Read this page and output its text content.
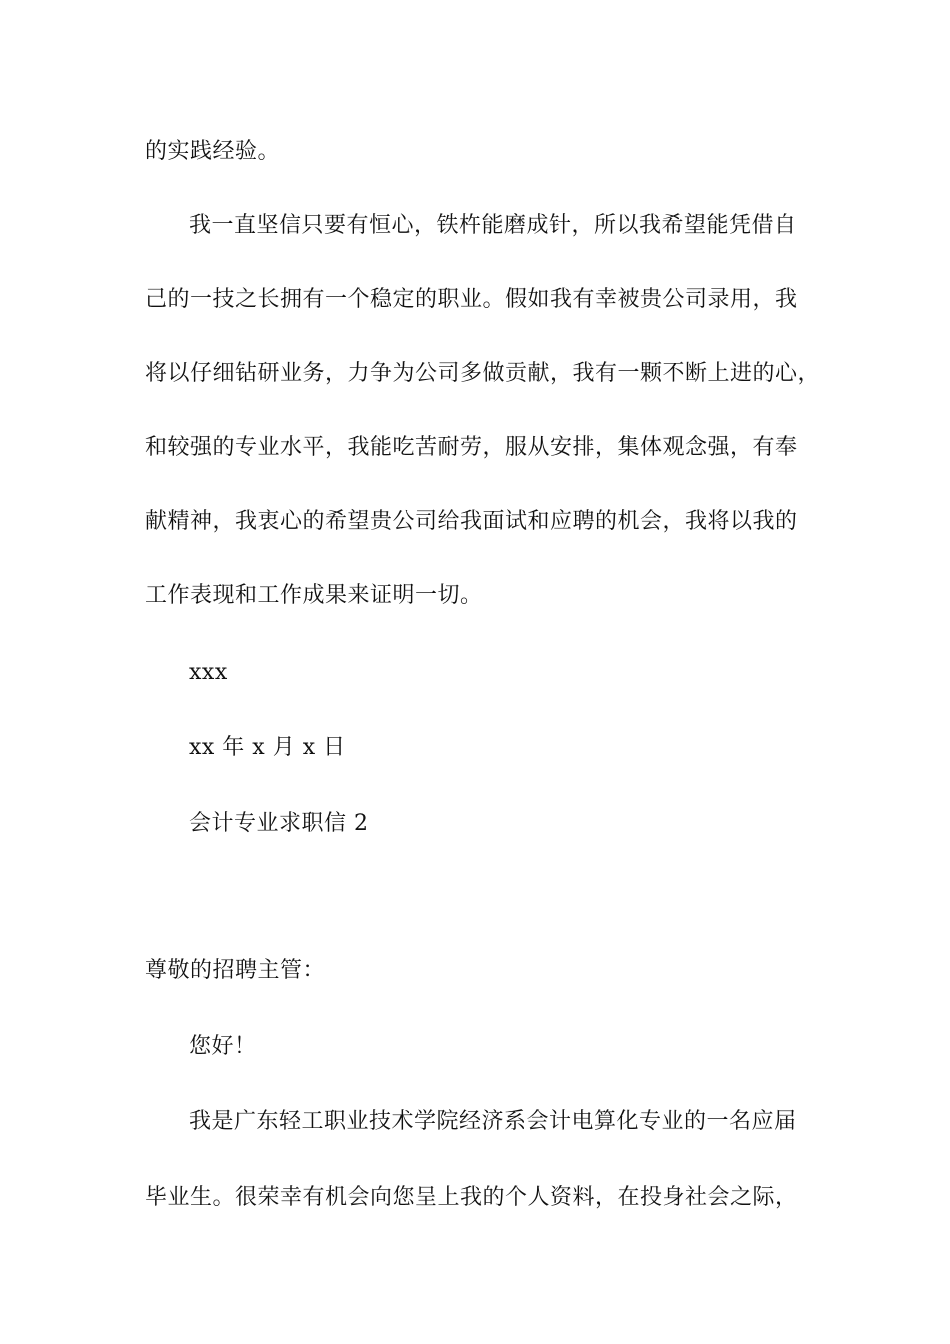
的实践经验。
我一直坚信只要有恒心，铁杵能磨成针，所以我希望能凭借自
己的一技之长拥有一个稳定的职业。假如我有幸被贵公司录用，我
将以仔细钻研业务，力争为公司多做贡献，我有一颗不断上进的心，
和较强的专业水平，我能吃苦耐劳，服从安排，集体观念强，有奉
献精神，我衷心的希望贵公司给我面试和应聘的机会，我将以我的
工作表现和工作成果来证明一切。
xxx
xx 年 x 月 x 日
会计专业求职信 2
尊敬的招聘主管：
您好！
我是广东轻工职业技术学院经济系会计电算化专业的一名应届
毕业生。很荣幸有机会向您呈上我的个人资料，在投身社会之际，
